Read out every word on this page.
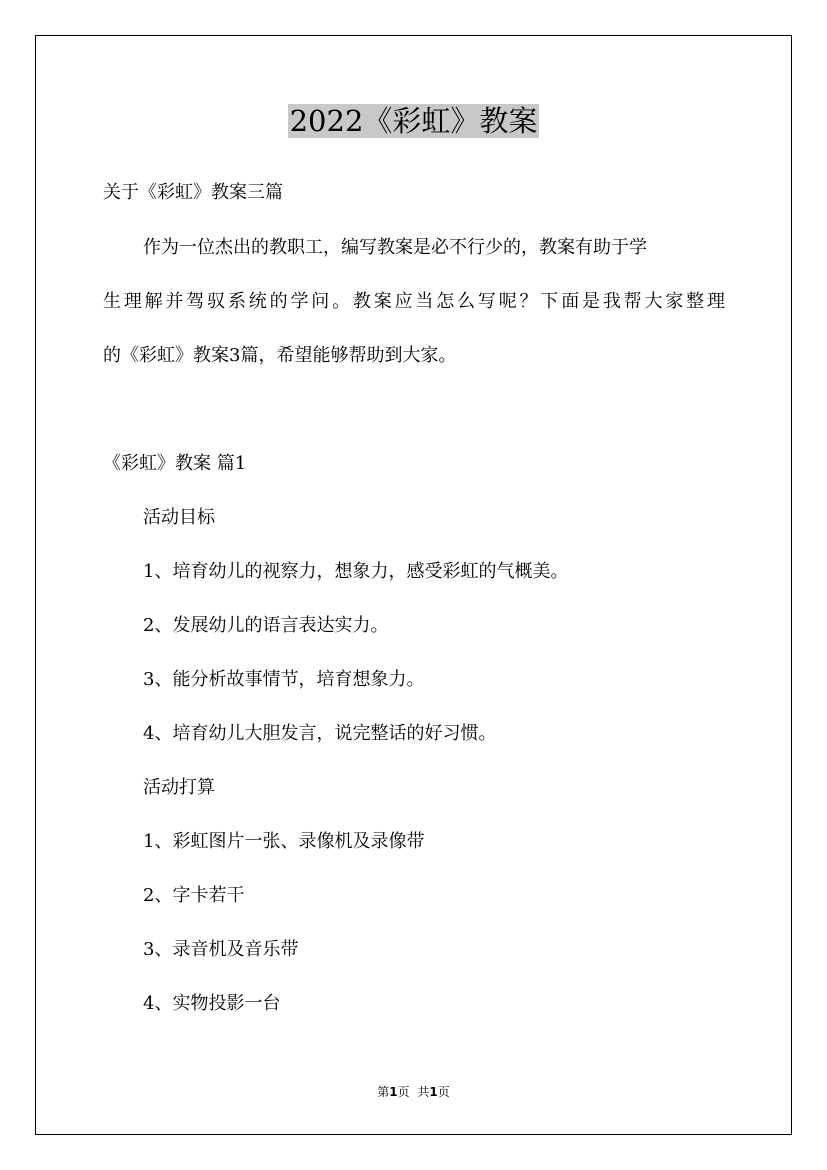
2022《彩虹》教案
关于《彩虹》教案三篇
作为一位杰出的教职工，编写教案是必不行少的，教案有助于学
生理解并驾驭系统的学问。教案应当怎么写呢？下面是我帮大家整理
的《彩虹》教案3篇，希望能够帮助到大家。
《彩虹》教案 篇1
活动目标
1、培育幼儿的视察力，想象力，感受彩虹的气概美。
2、发展幼儿的语言表达实力。
3、能分析故事情节，培育想象力。
4、培育幼儿大胆发言，说完整话的好习惯。
活动打算
1、彩虹图片一张、录像机及录像带
2、字卡若干
3、录音机及音乐带
4、实物投影一台
第1页 共1页
